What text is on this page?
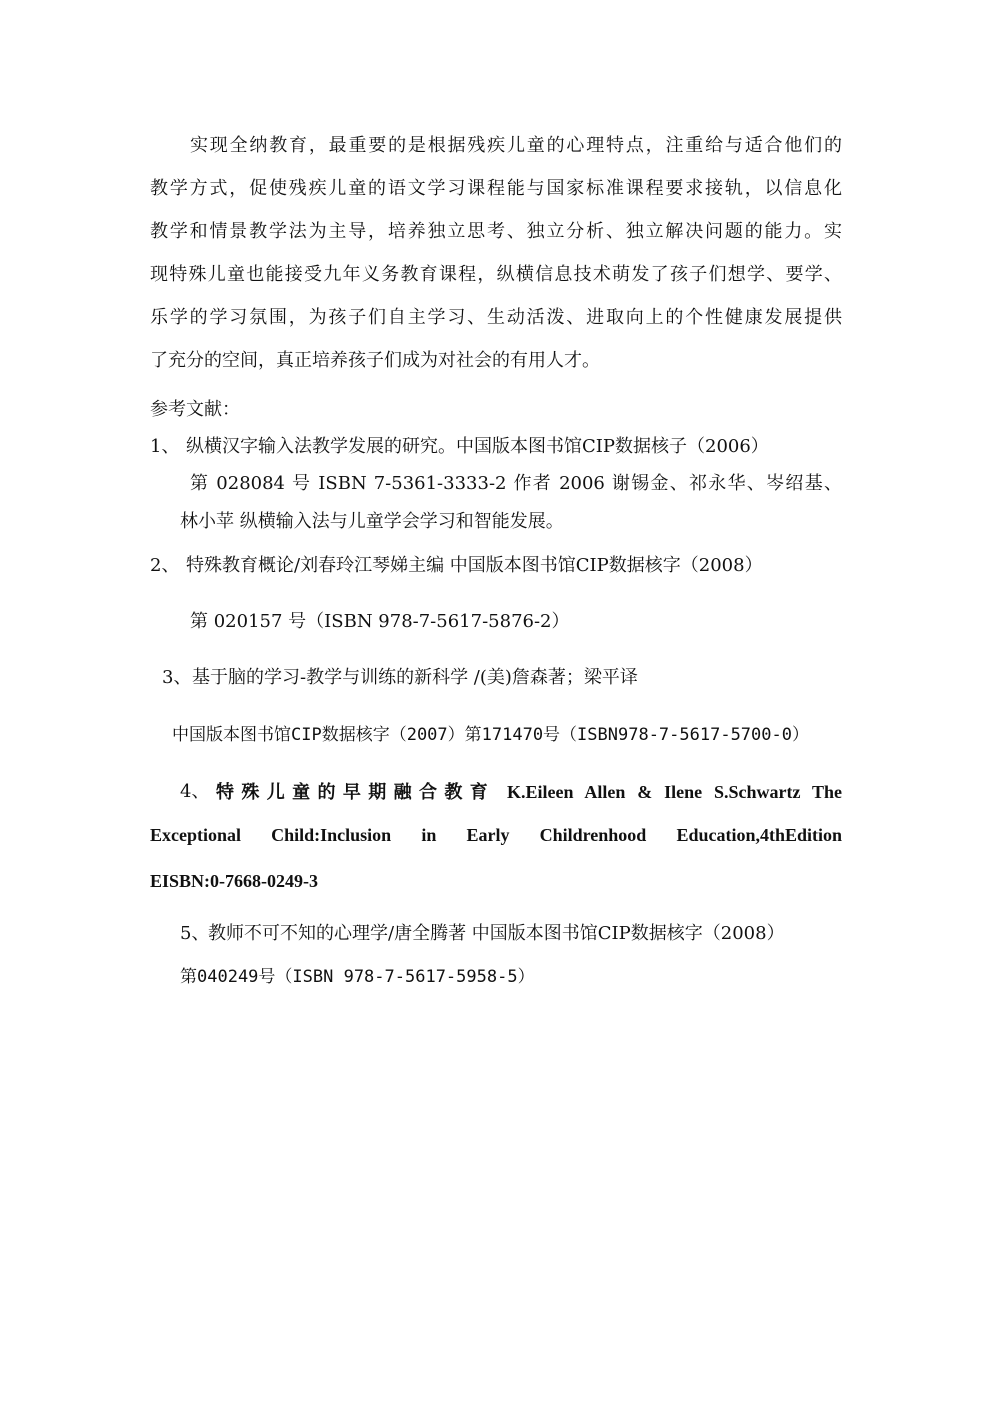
实现全纳教育，最重要的是根据残疾儿童的心理特点，注重给与适合他们的
教学方式，促使残疾儿童的语文学习课程能与国家标准课程要求接轨，以信息化
教学和情景教学法为主导，培养独立思考、独立分析、独立解决问题的能力。实
现特殊儿童也能接受九年义务教育课程，纵横信息技术萌发了孩子们想学、要学、
乐学的学习氛围，为孩子们自主学习、生动活泼、进取向上的个性健康发展提供
了充分的空间，真正培养孩子们成为对社会的有用人才。
参考文献：
1、 纵横汉字输入法教学发展的研究。中国版本图书馆CIP数据核子（2006）
第 028084 号 ISBN 7-5361-3333-2 作者 2006 谢锡金、祁永华、岑绍基、
林小苹 纵横输入法与儿童学会学习和智能发展。
2、 特殊教育概论/刘春玲江琴娣主编 中国版本图书馆CIP数据核字（2008）
第 020157 号（ISBN 978-7-5617-5876-2）
3、 基于脑的学习-教学与训练的新科学 /(美)詹森著；梁平译
中国版本图书馆CIP数据核字（2007）第171470号（ISBN978-7-5617-5700-0）
4、 特殊儿童的早期融合教育 K.Eileen Allen & Ilene S.Schwartz The
Exceptional Child:Inclusion in Early Childrenhood Education,4thEdition
EISBN:0-7668-0249-3
5、
教师不可不知的心理学/唐全腾著 中国版本图书馆CIP数据核字（2008）
第040249号（ISBN 978-7-5617-5958-5）
